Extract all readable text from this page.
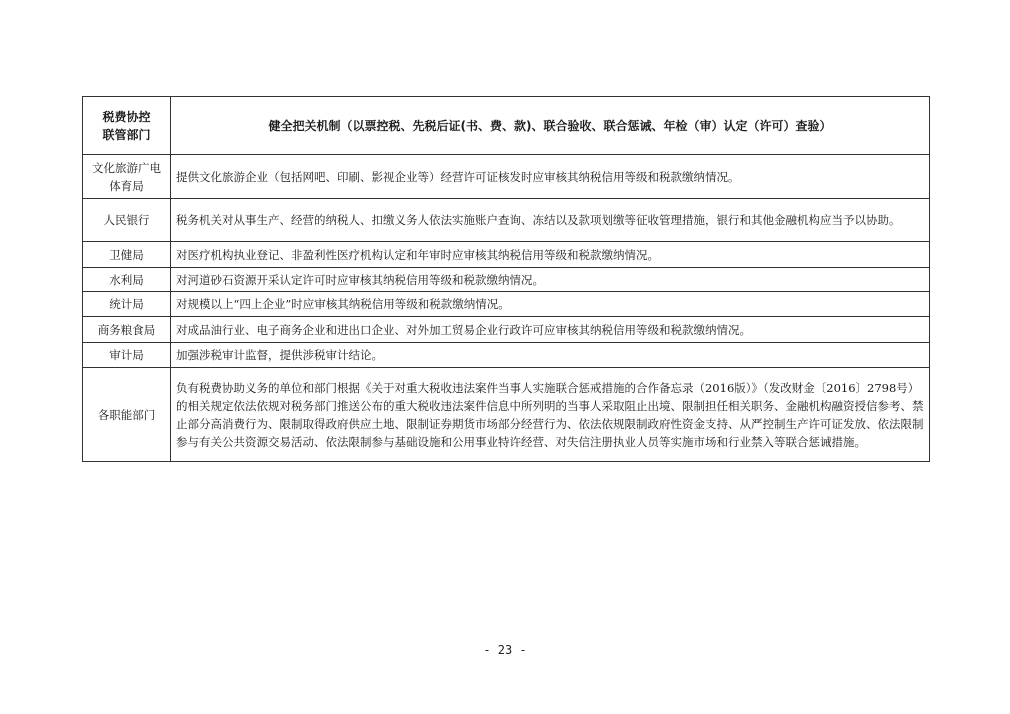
税费协控
联管部门	健全把关机制（以票控税、先税后证(书、费、款)、联合验收、联合惩诫、年检（审）认定（许可）查验）
文化旅游广电体育局	提供文化旅游企业（包括网吧、印刷、影视企业等）经营许可证核发时应审核其纳税信用等级和税款缴纳情况。
人民银行	税务机关对从事生产、经营的纳税人、扣缴义务人依法实施账户查询、冻结以及款项划缴等征收管理措施，银行和其他金融机构应当予以协助。
卫健局	对医疗机构执业登记、非盈利性医疗机构认定和年审时应审核其纳税信用等级和税款缴纳情况。
水利局	对河道砂石资源开采认定许可时应审核其纳税信用等级和税款缴纳情况。
统计局	对规模以上“四上企业”时应审核其纳税信用等级和税款缴纳情况。
商务粮食局	对成品油行业、电子商务企业和进出口企业、对外加工贸易企业行政许可应审核其纳税信用等级和税款缴纳情况。
审计局	加强涉税审计监督，提供涉税审计结论。
各职能部门	负有税费协助义务的单位和部门根据《关于对重大税收违法案件当事人实施联合惩戒措施的合作备忘录（2016版）》（发改财金〔2016〕2798号）的相关规定依法依规对税务部门推送公布的重大税收违法案件信息中所列明的当事人采取阻止出境、限制担任相关职务、金融机构融资授信参考、禁止部分高消费行为、限制取得政府供应土地、限制证券期货市场部分经营行为、依法依规限制政府性资金支持、从严控制生产许可证发放、依法限制参与有关公共资源交易活动、依法限制参与基础设施和公用事业特许经营、对失信注册执业人员等实施市场和行业禁入等联合惩诫措施。
- 23 -
